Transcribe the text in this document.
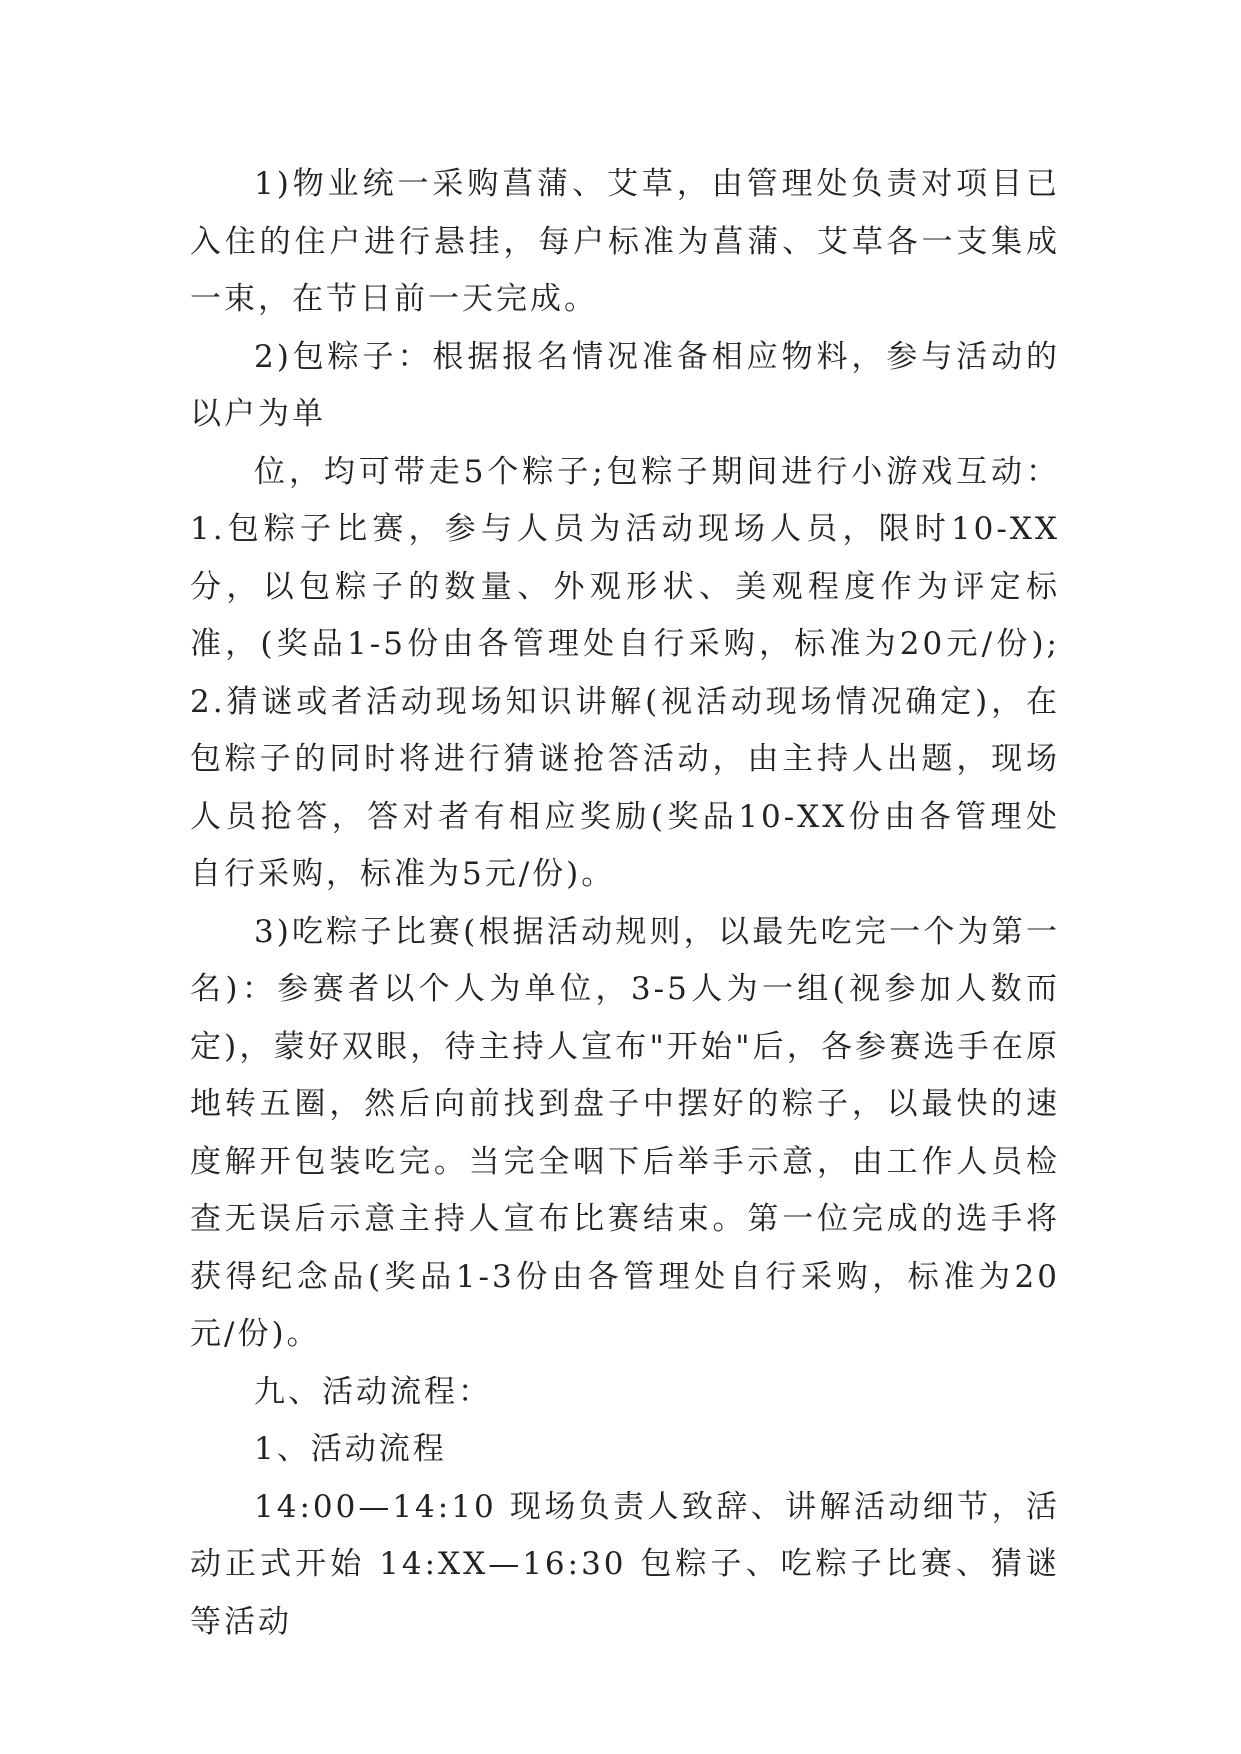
1)物业统一采购菖蒲、艾草，由管理处负责对项目已入住的住户进行悬挂，每户标准为菖蒲、艾草各一支集成一束，在节日前一天完成。

2)包粽子：根据报名情况准备相应物料，参与活动的以户为单

位，均可带走5个粽子;包粽子期间进行小游戏互动：1.包粽子比赛，参与人员为活动现场人员，限时10-XX分，以包粽子的数量、外观形状、美观程度作为评定标准，(奖品1-5份由各管理处自行采购，标准为20元/份);2.猜谜或者活动现场知识讲解(视活动现场情况确定)，在包粽子的同时将进行猜谜抢答活动，由主持人出题，现场人员抢答，答对者有相应奖励(奖品10-XX份由各管理处自行采购，标准为5元/份)。

3)吃粽子比赛(根据活动规则，以最先吃完一个为第一名)：参赛者以个人为单位，3-5人为一组(视参加人数而定)，蒙好双眼，待主持人宣布"开始"后，各参赛选手在原地转五圈，然后向前找到盘子中摆好的粽子，以最快的速度解开包装吃完。当完全咽下后举手示意，由工作人员检查无误后示意主持人宣布比赛结束。第一位完成的选手将获得纪念品(奖品1-3份由各管理处自行采购，标准为20元/份)。

九、活动流程：

1、活动流程

14:00—14:10 现场负责人致辞、讲解活动细节，活动正式开始 14:XX—16:30 包粽子、吃粽子比赛、猜谜等活动
